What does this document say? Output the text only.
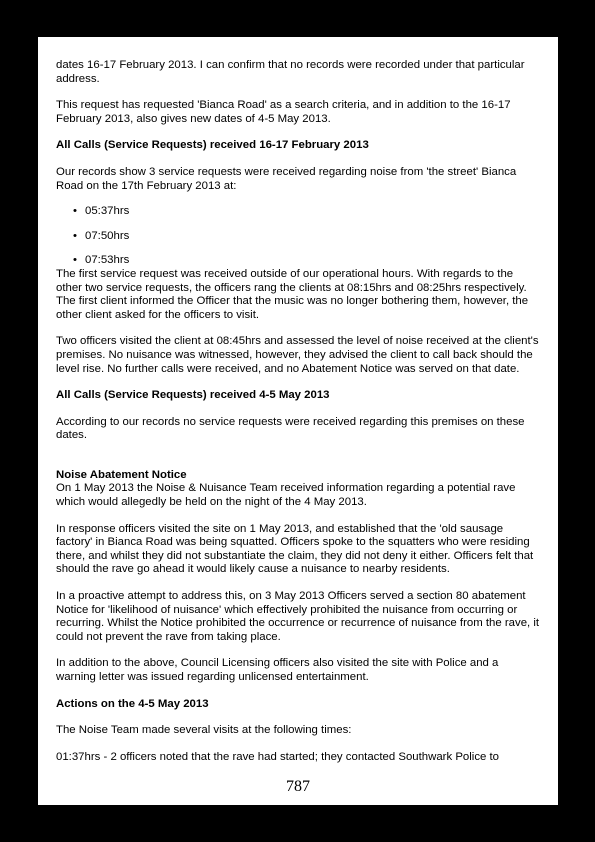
dates 16-17 February 2013. I can confirm that no records were recorded under that particular address.

This request has requested 'Bianca Road' as a search criteria, and in addition to the 16-17 February 2013, also gives new dates of 4-5 May 2013.

All Calls (Service Requests) received 16-17 February 2013

Our records show 3 service requests were received regarding noise from 'the street' Bianca Road on the 17th February 2013 at:

• 05:37hrs
• 07:50hrs
• 07:53hrs

The first service request was received outside of our operational hours. With regards to the other two service requests, the officers rang the clients at 08:15hrs and 08:25hrs respectively. The first client informed the Officer that the music was no longer bothering them, however, the other client asked for the officers to visit.

Two officers visited the client at 08:45hrs and assessed the level of noise received at the client's premises. No nuisance was witnessed, however, they advised the client to call back should the level rise. No further calls were received, and no Abatement Notice was served on that date.

All Calls (Service Requests) received 4-5 May 2013

According to our records no service requests were received regarding this premises on these dates.

Noise Abatement Notice

On 1 May 2013 the Noise & Nuisance Team received information regarding a potential rave which would allegedly be held on the night of the 4 May 2013.

In response officers visited the site on 1 May 2013, and established that the 'old sausage factory' in Bianca Road was being squatted. Officers spoke to the squatters who were residing there, and whilst they did not substantiate the claim, they did not deny it either. Officers felt that should the rave go ahead it would likely cause a nuisance to nearby residents.

In a proactive attempt to address this, on 3 May 2013 Officers served a section 80 abatement Notice for 'likelihood of nuisance' which effectively prohibited the nuisance from occurring or recurring. Whilst the Notice prohibited the occurrence or recurrence of nuisance from the rave, it could not prevent the rave from taking place.

In addition to the above, Council Licensing officers also visited the site with Police and a warning letter was issued regarding unlicensed entertainment.

Actions on the 4-5 May 2013

The Noise Team made several visits at the following times:

01:37hrs - 2 officers noted that the rave had started; they contacted Southwark Police to

787
